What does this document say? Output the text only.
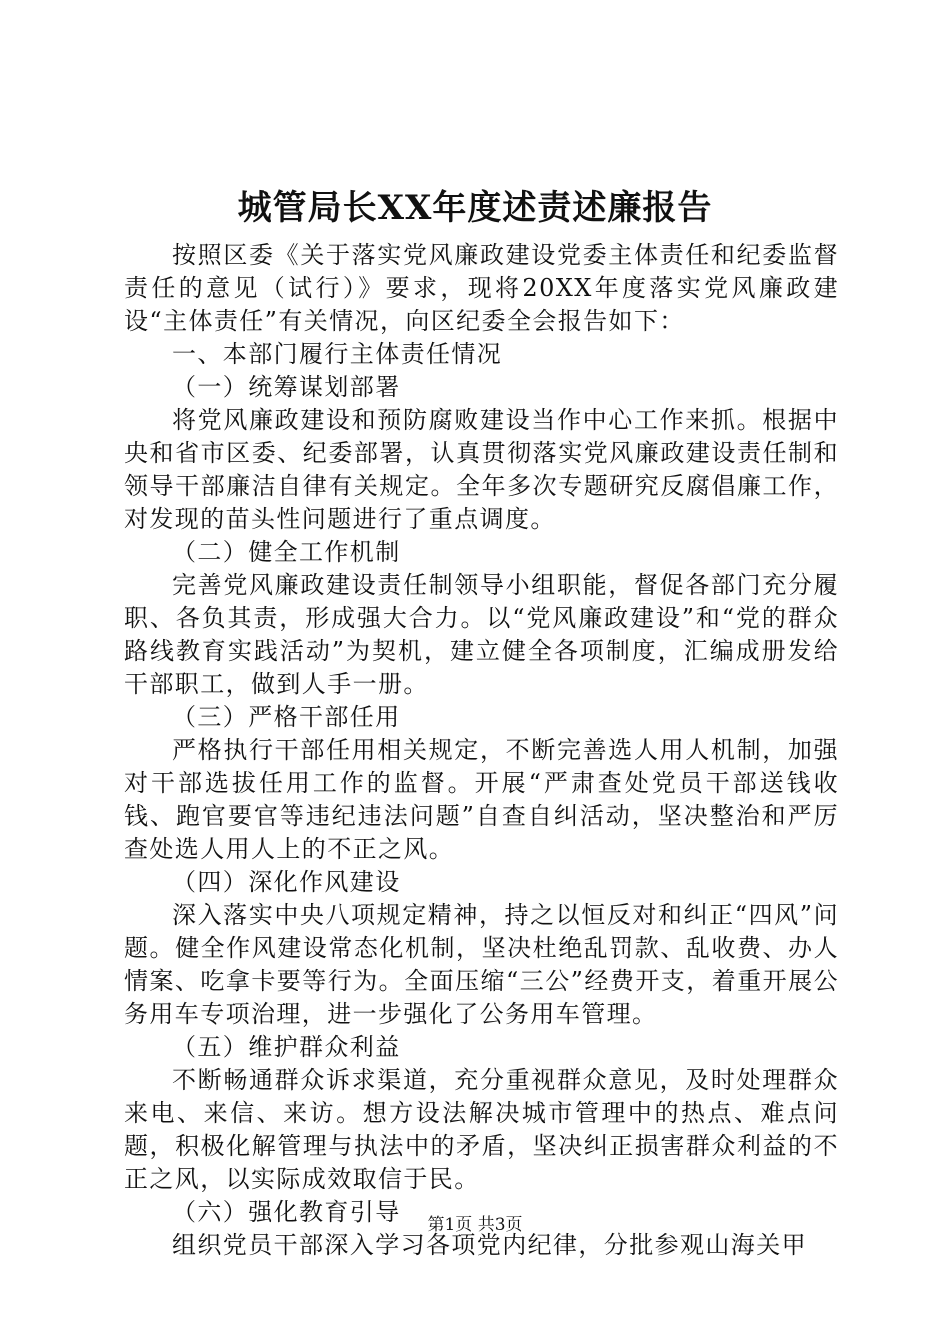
城管局长XX年度述责述廉报告

按照区委《关于落实党风廉政建设党委主体责任和纪委监督责任的意见（试行）》要求，现将20XX年度落实党风廉政建设“主体责任”有关情况，向区纪委全会报告如下：

一、本部门履行主体责任情况

（一）统筹谋划部署

将党风廉政建设和预防腐败建设当作中心工作来抓。根据中央和省市区委、纪委部署，认真贯彻落实党风廉政建设责任制和领导干部廉洁自律有关规定。全年多次专题研究反腐倡廉工作，对发现的苗头性问题进行了重点调度。

（二）健全工作机制

完善党风廉政建设责任制领导小组职能，督促各部门充分履职、各负其责，形成强大合力。以“党风廉政建设”和“党的群众路线教育实践活动”为契机，建立健全各项制度，汇编成册发给干部职工，做到人手一册。

（三）严格干部任用

严格执行干部任用相关规定，不断完善选人用人机制，加强对干部选拔任用工作的监督。开展“严肃查处党员干部送钱收钱、跑官要官等违纪违法问题”自查自纠活动，坚决整治和严厉查处选人用人上的不正之风。

（四）深化作风建设

深入落实中央八项规定精神，持之以恒反对和纠正“四风”问题。健全作风建设常态化机制，坚决杜绝乱罚款、乱收费、办人情案、吃拿卡要等行为。全面压缩“三公”经费开支，着重开展公务用车专项治理，进一步强化了公务用车管理。

（五）维护群众利益

不断畅通群众诉求渠道，充分重视群众意见，及时处理群众来电、来信、来访。想方设法解决城市管理中的热点、难点问题，积极化解管理与执法中的矛盾，坚决纠正损害群众利益的不正之风，以实际成效取信于民。

（六）强化教育引导

组织党员干部深入学习各项党内纪律，分批参观山海关甲

第1页 共3页
